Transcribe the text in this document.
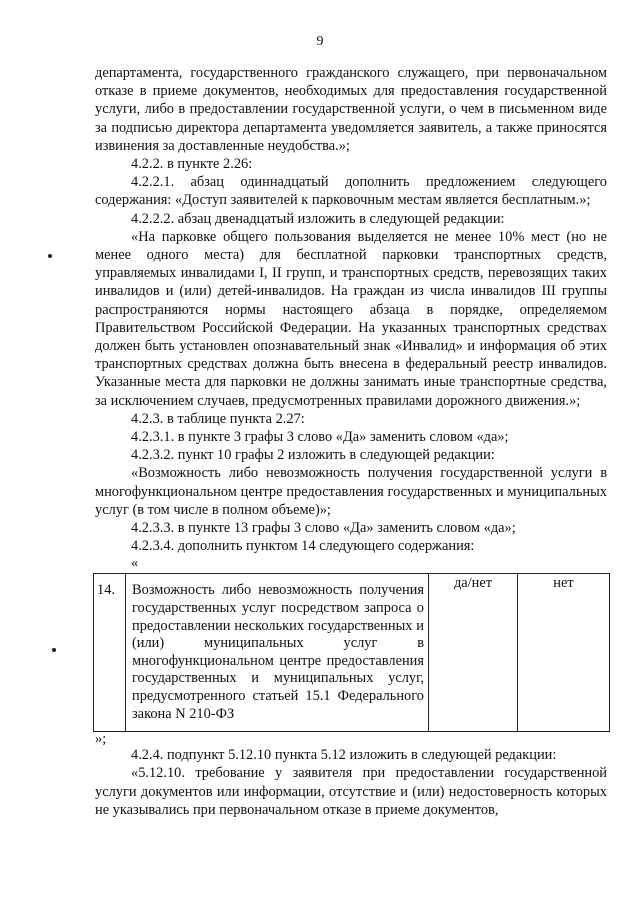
9

департамента, государственного гражданского служащего, при первоначальном отказе в приеме документов, необходимых для предоставления государственной услуги, либо в предоставлении государственной услуги, о чем в письменном виде за подписью директора департамента уведомляется заявитель, а также приносятся извинения за доставленные неудобства.»;

4.2.2. в пункте 2.26:

4.2.2.1. абзац одиннадцатый дополнить предложением следующего содержания: «Доступ заявителей к парковочным местам является бесплатным.»;

4.2.2.2. абзац двенадцатый изложить в следующей редакции:

«На парковке общего пользования выделяется не менее 10% мест (но не менее одного места) для бесплатной парковки транспортных средств, управляемых инвалидами I, II групп, и транспортных средств, перевозящих таких инвалидов и (или) детей-инвалидов. На граждан из числа инвалидов III группы распространяются нормы настоящего абзаца в порядке, определяемом Правительством Российской Федерации. На указанных транспортных средствах должен быть установлен опознавательный знак «Инвалид» и информация об этих транспортных средствах должна быть внесена в федеральный реестр инвалидов. Указанные места для парковки не должны занимать иные транспортные средства, за исключением случаев, предусмотренных правилами дорожного движения.»;

4.2.3. в таблице пункта 2.27:

4.2.3.1. в пункте 3 графы 3 слово «Да» заменить словом «да»;

4.2.3.2. пункт 10 графы 2 изложить в следующей редакции:

«Возможность либо невозможность получения государственной услуги в многофункциональном центре предоставления государственных и муниципальных услуг (в том числе в полном объеме)»;

4.2.3.3. в пункте 13 графы 3 слово «Да» заменить словом «да»;

4.2.3.4. дополнить пунктом 14 следующего содержания:

«

14.	Возможность либо невозможность получения государственных услуг посредством запроса о предоставлении нескольких государственных и (или) муниципальных услуг в многофункциональном центре предоставления государственных и муниципальных услуг, предусмотренного статьей 15.1 Федерального закона N 210-ФЗ	да/нет	нет

»;

4.2.4. подпункт 5.12.10 пункта 5.12 изложить в следующей редакции:

«5.12.10. требование у заявителя при предоставлении государственной услуги документов или информации, отсутствие и (или) недостоверность которых не указывались при первоначальном отказе в приеме документов,
